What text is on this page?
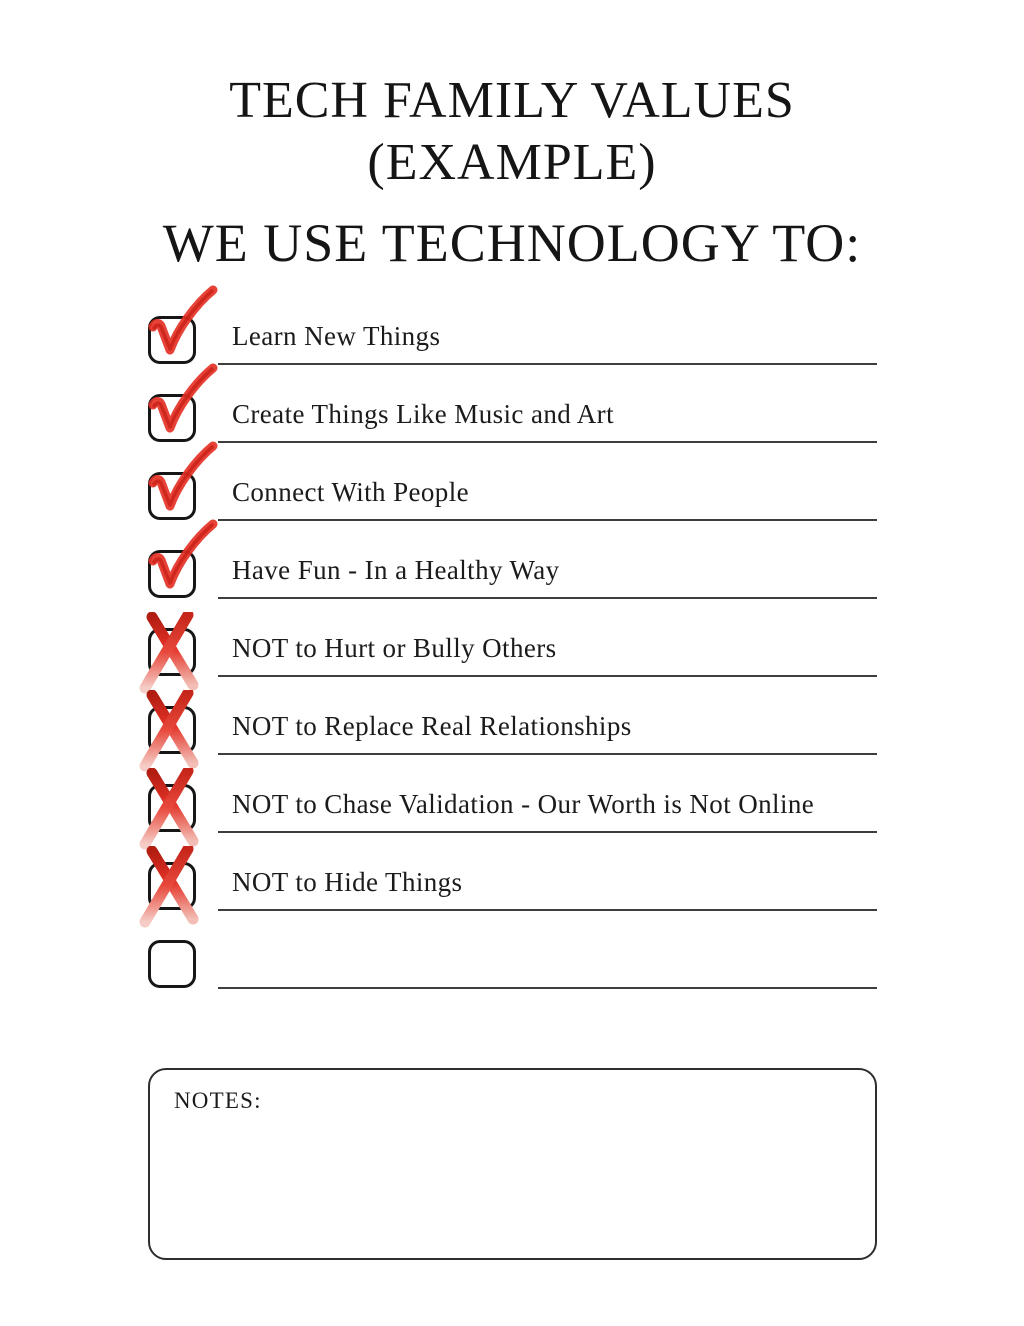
TECH FAMILY VALUES
(EXAMPLE)
WE USE TECHNOLOGY TO:
Learn New Things
Create Things Like Music and Art
Connect With People
Have Fun - In a Healthy Way
NOT to Hurt or Bully Others
NOT to Replace Real Relationships
NOT to Chase Validation - Our Worth is Not Online
NOT to Hide Things
NOTES:
